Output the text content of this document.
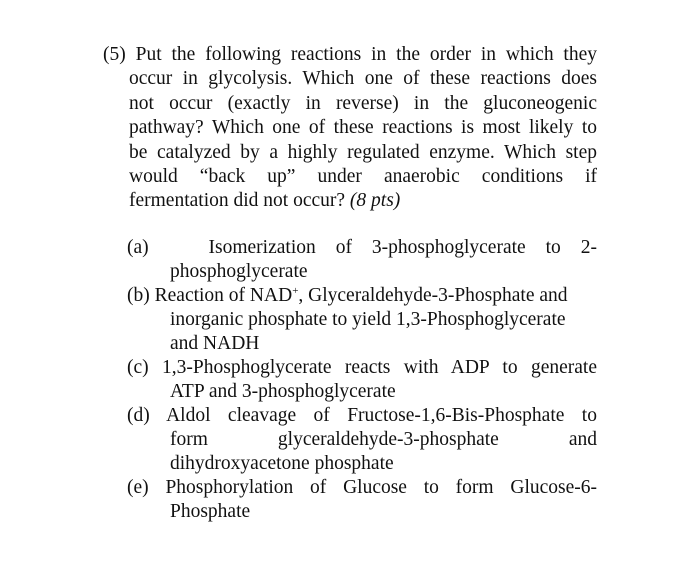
(5) Put the following reactions in the order in which they
occur in glycolysis. Which one of these reactions does
not occur (exactly in reverse) in the gluconeogenic
pathway? Which one of these reactions is most likely to
be catalyzed by a highly regulated enzyme. Which step
would “back up” under anaerobic conditions if
fermentation did not occur? (8 pts)
(a)	Isomerization of 3-phosphoglycerate to 2-
phosphoglycerate
(b) Reaction of NAD+, Glyceraldehyde-3-Phosphate and
inorganic phosphate to yield 1,3-Phosphoglycerate
and NADH
(c) 1,3-Phosphoglycerate reacts with ADP to generate
ATP and 3-phosphoglycerate
(d) Aldol cleavage of Fructose-1,6-Bis-Phosphate to
form glyceraldehyde-3-phosphate and
dihydroxyacetone phosphate
(e) Phosphorylation of Glucose to form Glucose-6-
Phosphate
